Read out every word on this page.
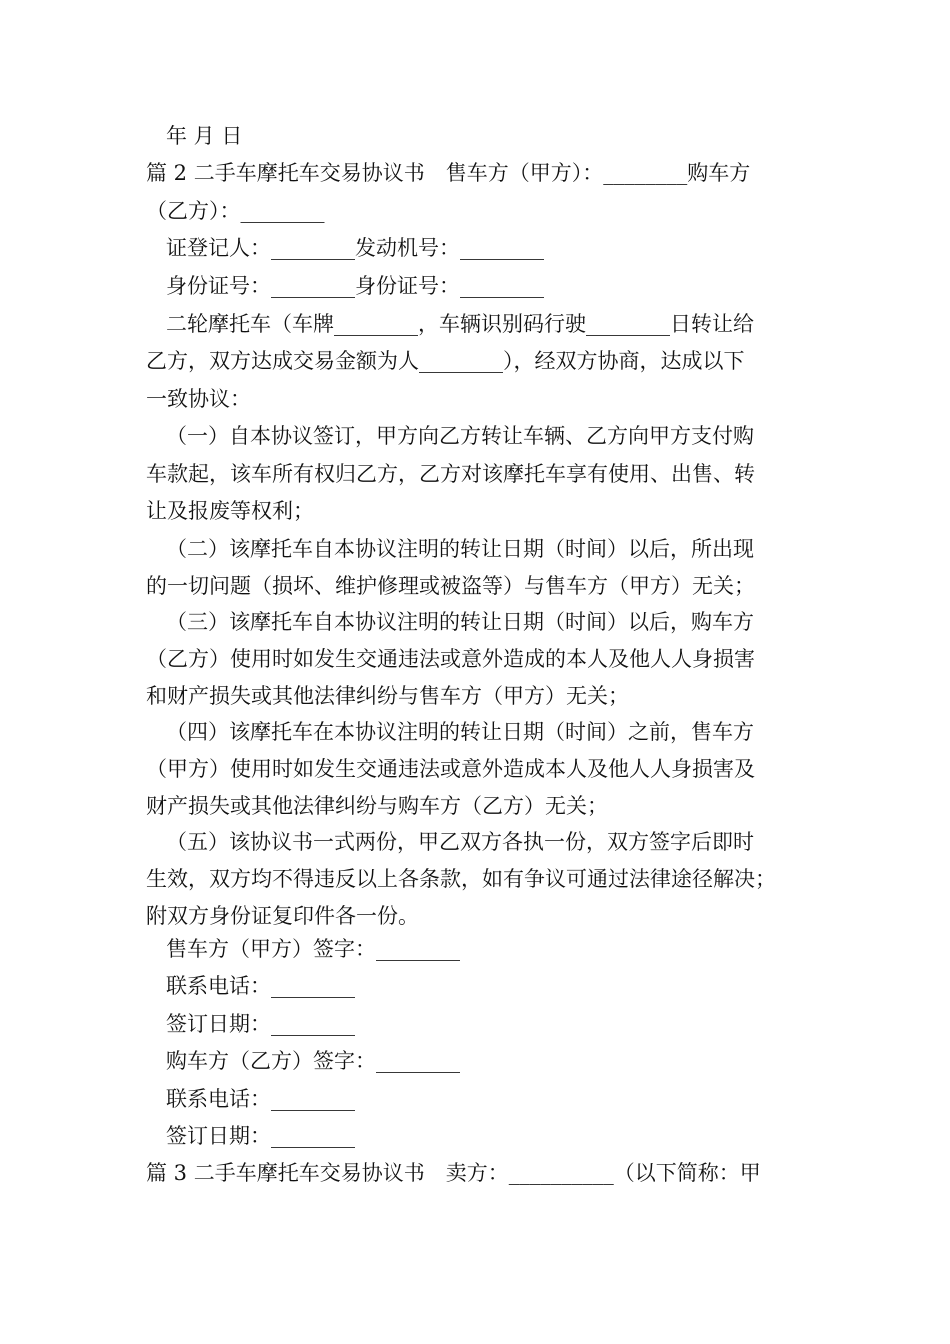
年 月 日
篇 2 二手车摩托车交易协议书　售车方（甲方）：________购车方
（乙方）：________
证登记人：________发动机号：________
身份证号：________身份证号：________
二轮摩托车（车牌________，车辆识别码行驶________日转让给
乙方，双方达成交易金额为人________），经双方协商，达成以下
一致协议：
（一）自本协议签订，甲方向乙方转让车辆、乙方向甲方支付购
车款起，该车所有权归乙方，乙方对该摩托车享有使用、出售、转
让及报废等权利；
（二）该摩托车自本协议注明的转让日期（时间）以后，所出现
的一切问题（损坏、维护修理或被盗等）与售车方（甲方）无关；
（三）该摩托车自本协议注明的转让日期（时间）以后，购车方
（乙方）使用时如发生交通违法或意外造成的本人及他人人身损害
和财产损失或其他法律纠纷与售车方（甲方）无关；
（四）该摩托车在本协议注明的转让日期（时间）之前，售车方
（甲方）使用时如发生交通违法或意外造成本人及他人人身损害及
财产损失或其他法律纠纷与购车方（乙方）无关；
（五）该协议书一式两份，甲乙双方各执一份，双方签字后即时
生效，双方均不得违反以上各条款，如有争议可通过法律途径解决；
附双方身份证复印件各一份。
售车方（甲方）签字：________
联系电话：________
签订日期：________
购车方（乙方）签字：________
联系电话：________
签订日期：________
篇 3 二手车摩托车交易协议书　卖方：__________（以下简称：甲
